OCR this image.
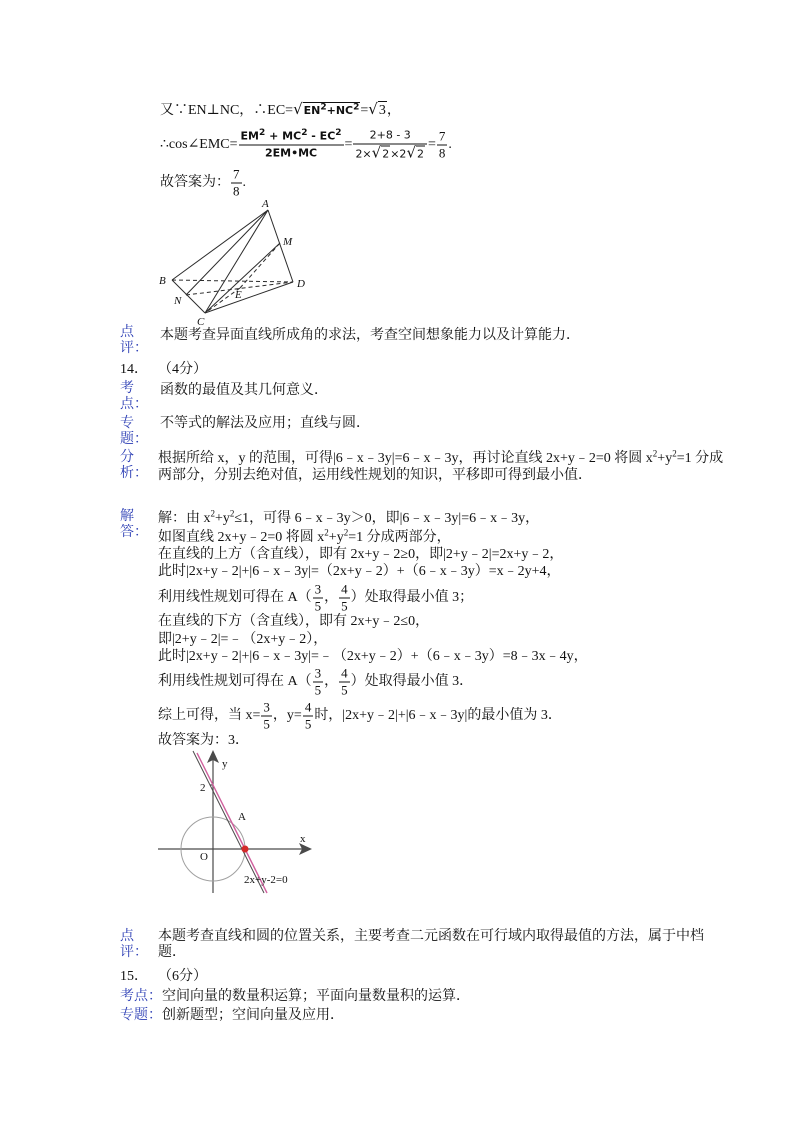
又∵EN⊥NC，$\therefore EC=√EN^2+NC^2=√3$，
∴cos∠EMC= $\frac{EM^2 + MC^2 - EC^2}{2EM•MC} = \frac{2+8 - 3}{2\times√2\times 2√2} = \frac{7}{8}$ .
故答案为： $\frac{7}{8}$ .
A
M
B	D
N	E
C
点
评：
本题考查异面直线所成角的求法，考查空间想象能力以及计算能力．
14． （4分）
考
点：
函数的最值及其几何意义．
专
题：
不等式的解法及应用；直线与圆．
分
析：
根据所给 x，y 的范围，可得|6﹣x﹣3y|=6﹣x﹣3y，再讨论直线 2x+y﹣2=0 将圆 $x^2+y^2=1$ 分成
两部分，分别去绝对值，运用线性规划的知识，平移即可得到最小值．
解
答：
解：由 $x^2+y^2\le 1$，可得 6﹣x﹣3y＞0，即|6﹣x﹣3y|=6﹣x﹣3y，
如图直线 2x+y﹣2=0 将圆 $x^2+y^2=1$ 分成两部分，
在直线的上方（含直线），即有 2x+y﹣2≥0，即|2+y﹣2|=2x+y﹣2，
此时|2x+y﹣2|+|6﹣x﹣3y|=（2x+y﹣2）+（6﹣x﹣3y）=x﹣2y+4，
利用线性规划可得在 $A( \frac{3}{5}$ ， $\frac{4}{5}$ ）处取得最小值 3；
在直线的下方（含直线），即有 2x+y﹣2≤0，
即|2+y﹣2|=﹣（2x+y﹣2），
此时|2x+y﹣2|+|6﹣x﹣3y|=﹣（2x+y﹣2）+（6﹣x﹣3y）=8﹣3x﹣4y，
利用线性规划可得在 $A( \frac{3}{5}$ ， $\frac{4}{5}$ ）处取得最小值 3．
综上可得，当 $x= \frac{3}{5}$ ，$y= \frac{4}{5}$ 时，|2x+y﹣2|+|6﹣x﹣3y|的最小值为 3．
故答案为：3．
x
y
O
2
A
2x+y-2=0
点
评：
本题考查直线和圆的位置关系，主要考查二元函数在可行域内取得最值的方法，属于中档
题．
15． （6分）
考点：空间向量的数量积运算；平面向量数量积的运算．
专题：创新题型；空间向量及应用．
